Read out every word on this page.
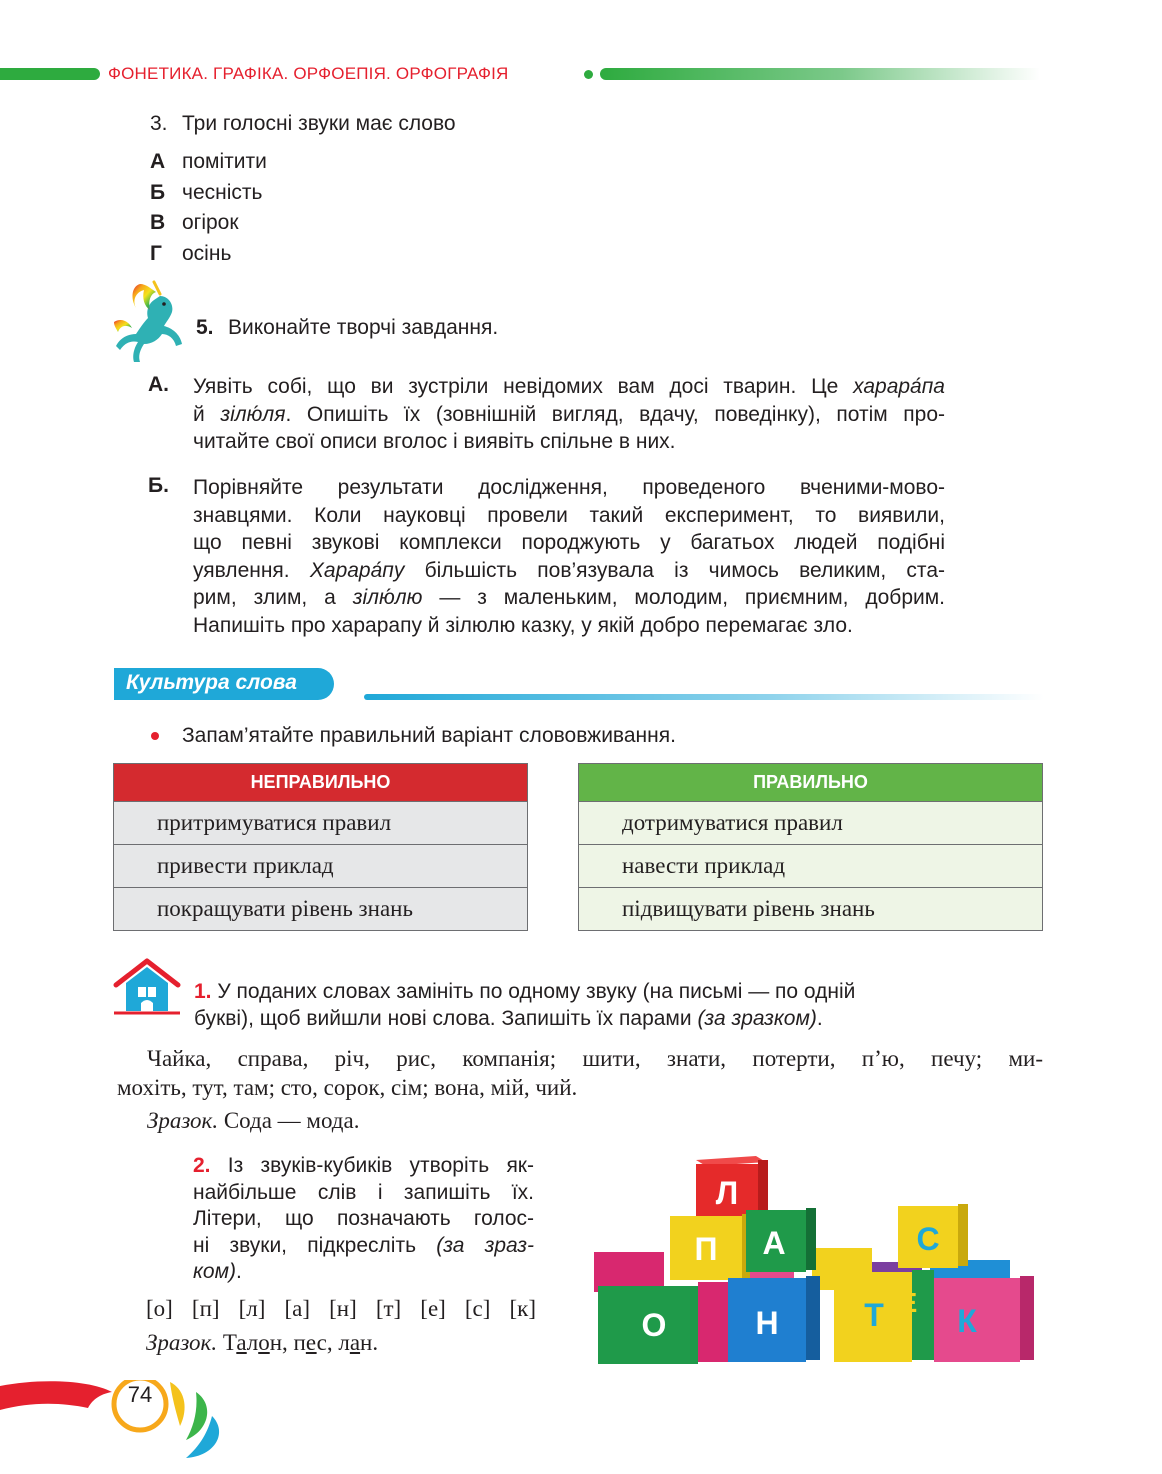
ФОНЕТИКА. ГРАФІКА. ОРФОЕПІЯ. ОРФОГРАФІЯ
3. Три голосні звуки має слово
А помітити
Б чесність
В огірок
Г осінь
5. Виконайте творчі завдання.
А. Уявіть собі, що ви зустріли невідомих вам досі тварин. Це харара́па
й зілю́ля. Опишіть їх (зовнішній вигляд, вдачу, поведінку), потім про-
читайте свої описи вголос і виявіть спільне в них.
Б. Порівняйте результати дослідження, проведеного вченими-мово-
знавцями. Коли науковці провели такий експеримент, то виявили,
що певні звукові комплекси породжують у багатьох людей подібні
уявлення. Харара́пу більшість пов’язувала із чимось великим, ста-
рим, злим, а зілю́лю — з маленьким, молодим, приємним, добрим.
Напишіть про харарапу й зілюлю казку, у якій добро перемагає зло.
Культура слова
Запам’ятайте правильний варіант слововживання.
НЕПРАВИЛЬНО
притримуватися правил
привести приклад
покращувати рівень знань
ПРАВИЛЬНО
дотримуватися правил
навести приклад
підвищувати рівень знань
1. У поданих словах замініть по одному звуку (на письмі — по одній
букві), щоб вийшли нові слова. Запишіть їх парами (за зразком).
Чайка, справа, річ, рис, компанія; шити, знати, потерти, п’ю, печу; ми-
мохіть, тут, там; сто, сорок, сім; вона, мій, чий.
Зразок. Сода — мода.
2. Із звуків-кубиків утворіть як-
найбільше слів і запишіть їх.
Літери, що позначають голос-
ні звуки, підкресліть (за зраз-
ком).
[о] [п] [л] [а] [н] [т] [е] [с] [к]
Зразок. Талон, пес, лан.
Л
П А	С
О	Н	Т Е
К
74
